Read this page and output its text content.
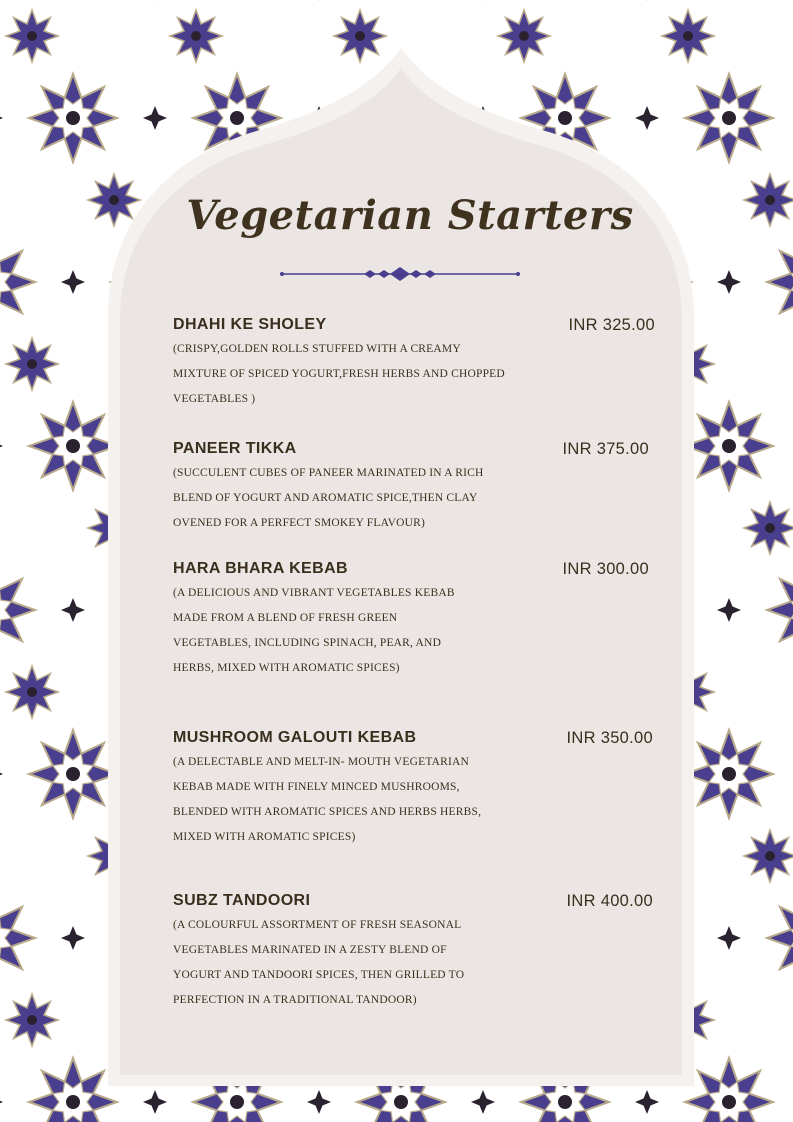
Vegetarian Starters
DHAHI KE SHOLEY	INR 325.00

(CRISPY,GOLDEN ROLLS STUFFED WITH A CREAMY MIXTURE OF SPICED YOGURT,FRESH HERBS AND CHOPPED VEGETABLES )

PANEER TIKKA	INR 375.00

(SUCCULENT CUBES OF PANEER MARINATED IN A RICH BLEND OF YOGURT AND AROMATIC SPICE,THEN CLAY OVENED FOR A PERFECT SMOKEY FLAVOUR)

HARA BHARA KEBAB	INR 300.00

(A DELICIOUS AND VIBRANT VEGETABLES KEBAB MADE FROM A BLEND OF FRESH GREEN VEGETABLES, INCLUDING SPINACH, PEAR, AND HERBS, MIXED WITH AROMATIC SPICES)

MUSHROOM GALOUTI KEBAB	INR 350.00

(A DELECTABLE AND MELT-IN- MOUTH VEGETARIAN KEBAB MADE WITH FINELY MINCED MUSHROOMS, BLENDED WITH AROMATIC SPICES AND HERBS HERBS, MIXED WITH AROMATIC SPICES)

SUBZ TANDOORI	INR 400.00

(A COLOURFUL ASSORTMENT OF FRESH SEASONAL VEGETABLES MARINATED IN A ZESTY BLEND OF YOGURT AND TANDOORI SPICES, THEN GRILLED TO PERFECTION IN A TRADITIONAL TANDOOR)
